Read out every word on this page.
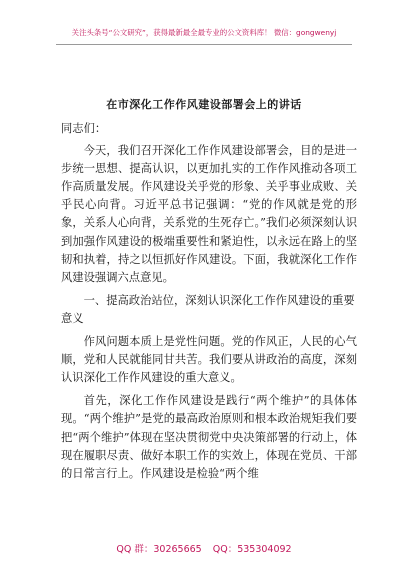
关注头条号“公文研究”，获得最新最全最专业的公文资料库！ 微信：gongwenyj
在市深化工作作风建设部署会上的讲话

同志们：

今天，我们召开深化工作作风建设部署会，目的是进一步统一思想、提高认识，以更加扎实的工作作风推动各项工作高质量发展。作风建设关乎党的形象、关乎事业成败、关乎民心向背。习近平总书记强调：“党的作风就是党的形象，关系人心向背，关系党的生死存亡。”我们必须深刻认识到加强作风建设的极端重要性和紧迫性，以永远在路上的坚韧和执着，持之以恒抓好作风建设。下面，我就深化工作作风建设强调六点意见。

一、提高政治站位，深刻认识深化工作作风建设的重要意义

作风问题本质上是党性问题。党的作风正，人民的心气顺，党和人民就能同甘共苦。我们要从讲政治的高度，深刻认识深化工作作风建设的重大意义。

首先，深化工作作风建设是践行“两个维护”的具体体现。“两个维护”是党的最高政治原则和根本政治规矩我们要把“两个维护”体现在坚决贯彻党中央决策部署的行动上，体现在履职尽责、做好本职工作的实效上，体现在党员、干部的日常言行上。作风建设是检验“两个维

QQ 群：30265665 QQ：535304092
